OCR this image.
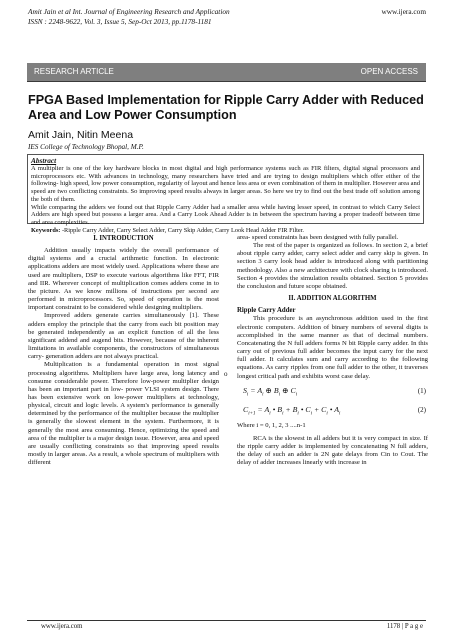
Amit Jain et al Int. Journal of Engineering Research and Application
ISSN : 2248-9622, Vol. 3, Issue 5, Sep-Oct 2013, pp.1178-1181
www.ijera.com
RESEARCH ARTICLE	OPEN ACCESS
FPGA Based Implementation for Ripple Carry Adder with Reduced Area and Low Power Consumption
Amit Jain, Nitin Meena
IES College of Technology Bhopal, M.P.
Abstract

A multiplier is one of the key hardware blocks in most digital and high performance systems such as FIR filters, digital signal processors and microprocessors etc. With advances in technology, many researchers have tried and are trying to design multipliers which offer either of the following- high speed, low power consumption, regularity of layout and hence less area or even combination of them in multiplier. However area and speed are two conflicting constraints. So improving speed results always in larger areas. So here we try to find out the best trade off solution among the both of them.

While comparing the adders we found out that Ripple Carry Adder had a smaller area while having lesser speed, in contrast to which Carry Select Adders are high speed but possess a larger area. And a Carry Look Ahead Adder is in between the spectrum having a proper tradeoff between time and area complexities.

Keywords: -Ripple Carry Adder, Carry Select Adder, Carry Skip Adder, Carry Look Head Adder FIR Filter.

I. INTRODUCTION

Addition usually impacts widely the overall performance of digital systems and a crucial arithmetic function. In electronic applications adders are most widely used. Applications where these are used are multipliers, DSP to execute various algorithms like FFT, FIR and IIR. Wherever concept of multiplication comes adders come in to the picture. As we know millions of instructions per second are performed in microprocessors. So, speed of operation is the most important constraint to be considered while designing multipliers.

Improved adders generate carries simultaneously [1]. These adders employ the principle that the carry from each bit position may be generated independently as an explicit function of all the less significant addend and augend bits. However, because of the inherent limitations in available components, the constructors of simultaneous carry- generation adders are not always practical.

Multiplication is a fundamental operation in most signal processing algorithms. Multipliers have large area, long latency and consume considerable power. Therefore low-power multiplier design has been an important part in low- power VLSI system design. There has been extensive work on low-power multipliers at technology, physical, circuit and logic levels. A system's performance is generally determined by the performance of the multiplier because the multiplier is generally the slowest element in the system. Furthermore, it is generally the most area consuming. Hence, optimizing the speed and area of the multiplier is a major design issue. However, area and speed are usually conflicting constraints so that improving speed results mostly in larger areas. As a result, a whole spectrum of multipliers with different

o

area- speed constraints has been designed with fully parallel.

The rest of the paper is organized as follows. In section 2, a brief about ripple carry adder, carry select adder and carry skip is given. In section 3 carry look head adder is introduced along with partitioning methodology. Also a new architecture with clock sharing is introduced. Section 4 provides the simulation results obtained. Section 5 provides the conclusion and future scope obtained.

II. ADDITION ALGORITHM
Ripple Carry Adder

This procedure is an asynchronous addition used in the first electronic computers. Addition of binary numbers of several digits is accomplished in the same manner as that of decimal numbers. Concatenating the N full adders forms N bit Ripple carry adder. In this carry out of previous full adder becomes the input carry for the next full adder. It calculates sum and carry according to the following equations. As carry ripples from one full adder to the other, it traverses longest critical path and exhibits worst case delay.

$S_i = A_i$ ⊕ $B_i$ ⊕ $C_i$
(1)
$C_{i+1} = A_i$ • $B_i + B_i$ • $C_i + C_i$ • $A_i$
(2)

Where i = 0, 1, 2, 3 ....n-1

RCA is the slowest in all adders but it is very compact in size. If the ripple carry adder is implemented by concatenating N full adders, the delay of such an adder is 2N gate delays from Cin to Cout. The delay of adder increases linearly with increase in

www.ijera.com	1178 | P a g e
